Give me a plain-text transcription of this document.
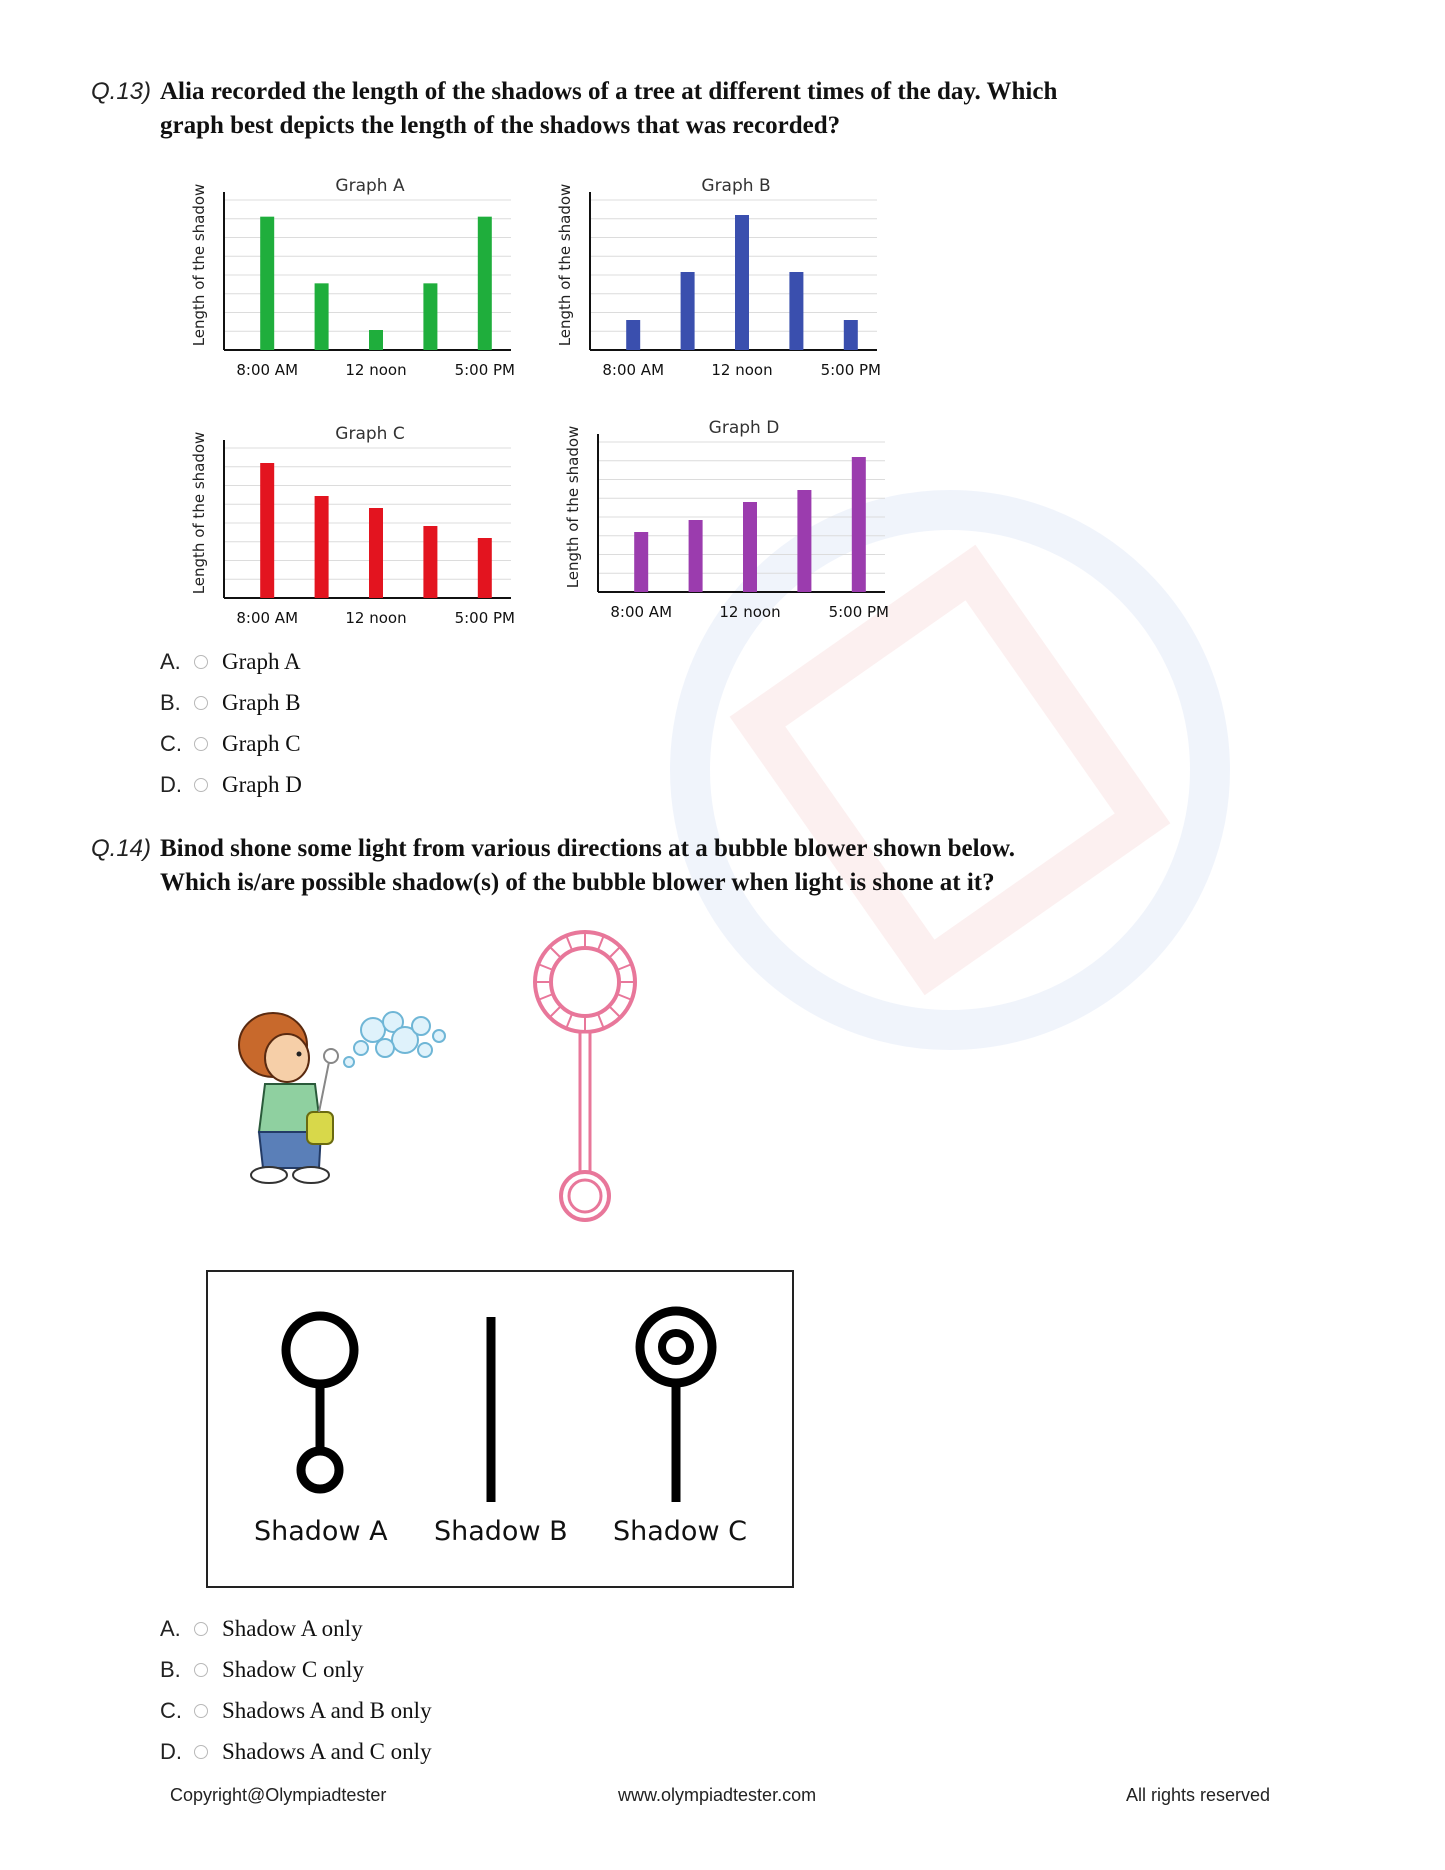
Q.13) Alia recorded the length of the shadows of a tree at different times of the day. Which
graph best depicts the length of the shadows that was recorded?
Graph A
Length of the shadow
8:00 AM	12 noon	5:00 PM
Graph B
Length of the shadow
8:00 AM	12 noon	5:00 PM
Graph C
Length of the shadow
8:00 AM	12 noon	5:00 PM
Graph D
Length of the shadow
8:00 AM	12 noon	5:00 PM
A.	Graph A
B.	Graph B
C.	Graph C
D.	Graph D
Q.14) Binod shone some light from various directions at a bubble blower shown below.
Which is/are possible shadow(s) of the bubble blower when light is shone at it?
Shadow A Shadow B Shadow C
A.	Shadow A only
B.	Shadow C only
C.	Shadows A and B only
D.	Shadows A and C only
Copyright@Olympiadtester	www.olympiadtester.com	All rights reserved
